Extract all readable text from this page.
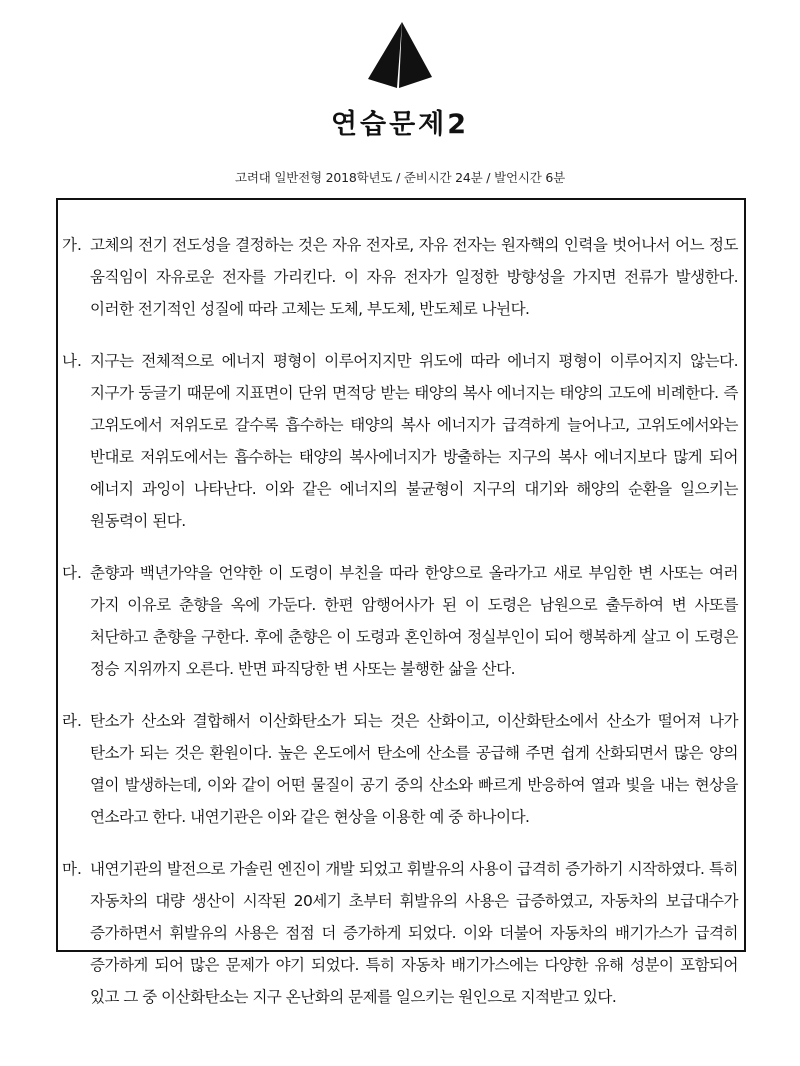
연습문제2
고려대 일반전형 2018학년도 / 준비시간 24분 / 발언시간 6분
가. 고체의 전기 전도성을 결정하는 것은 자유 전자로, 자유 전자는 원자핵의 인력을 벗어나서 어느 정도 움직임이 자유로운 전자를 가리킨다. 이 자유 전자가 일정한 방향성을 가지면 전류가 발생한다. 이러한 전기적인 성질에 따라 고체는 도체, 부도체, 반도체로 나뉜다.
나. 지구는 전체적으로 에너지 평형이 이루어지지만 위도에 따라 에너지 평형이 이루어지지 않는다. 지구가 둥글기 때문에 지표면이 단위 면적당 받는 태양의 복사 에너지는 태양의 고도에 비례한다. 즉 고위도에서 저위도로 갈수록 흡수하는 태양의 복사 에너지가 급격하게 늘어나고, 고위도에서와는 반대로 저위도에서는 흡수하는 태양의 복사에너지가 방출하는 지구의 복사 에너지보다 많게 되어 에너지 과잉이 나타난다. 이와 같은 에너지의 불균형이 지구의 대기와 해양의 순환을 일으키는 원동력이 된다.
다. 춘향과 백년가약을 언약한 이 도령이 부친을 따라 한양으로 올라가고 새로 부임한 변 사또는 여러 가지 이유로 춘향을 옥에 가둔다. 한편 암행어사가 된 이 도령은 남원으로 출두하여 변 사또를 처단하고 춘향을 구한다. 후에 춘향은 이 도령과 혼인하여 정실부인이 되어 행복하게 살고 이 도령은 정승 지위까지 오른다. 반면 파직당한 변 사또는 불행한 삶을 산다.
라. 탄소가 산소와 결합해서 이산화탄소가 되는 것은 산화이고, 이산화탄소에서 산소가 떨어져 나가 탄소가 되는 것은 환원이다. 높은 온도에서 탄소에 산소를 공급해 주면 쉽게 산화되면서 많은 양의 열이 발생하는데, 이와 같이 어떤 물질이 공기 중의 산소와 빠르게 반응하여 열과 빛을 내는 현상을 연소라고 한다. 내연기관은 이와 같은 현상을 이용한 예 중 하나이다.
마. 내연기관의 발전으로 가솔린 엔진이 개발 되었고 휘발유의 사용이 급격히 증가하기 시작하였다. 특히 자동차의 대량 생산이 시작된 20세기 초부터 휘발유의 사용은 급증하였고, 자동차의 보급대수가 증가하면서 휘발유의 사용은 점점 더 증가하게 되었다. 이와 더불어 자동차의 배기가스가 급격히 증가하게 되어 많은 문제가 야기 되었다. 특히 자동차 배기가스에는 다양한 유해 성분이 포함되어 있고 그 중 이산화탄소는 지구 온난화의 문제를 일으키는 원인으로 지적받고 있다.
